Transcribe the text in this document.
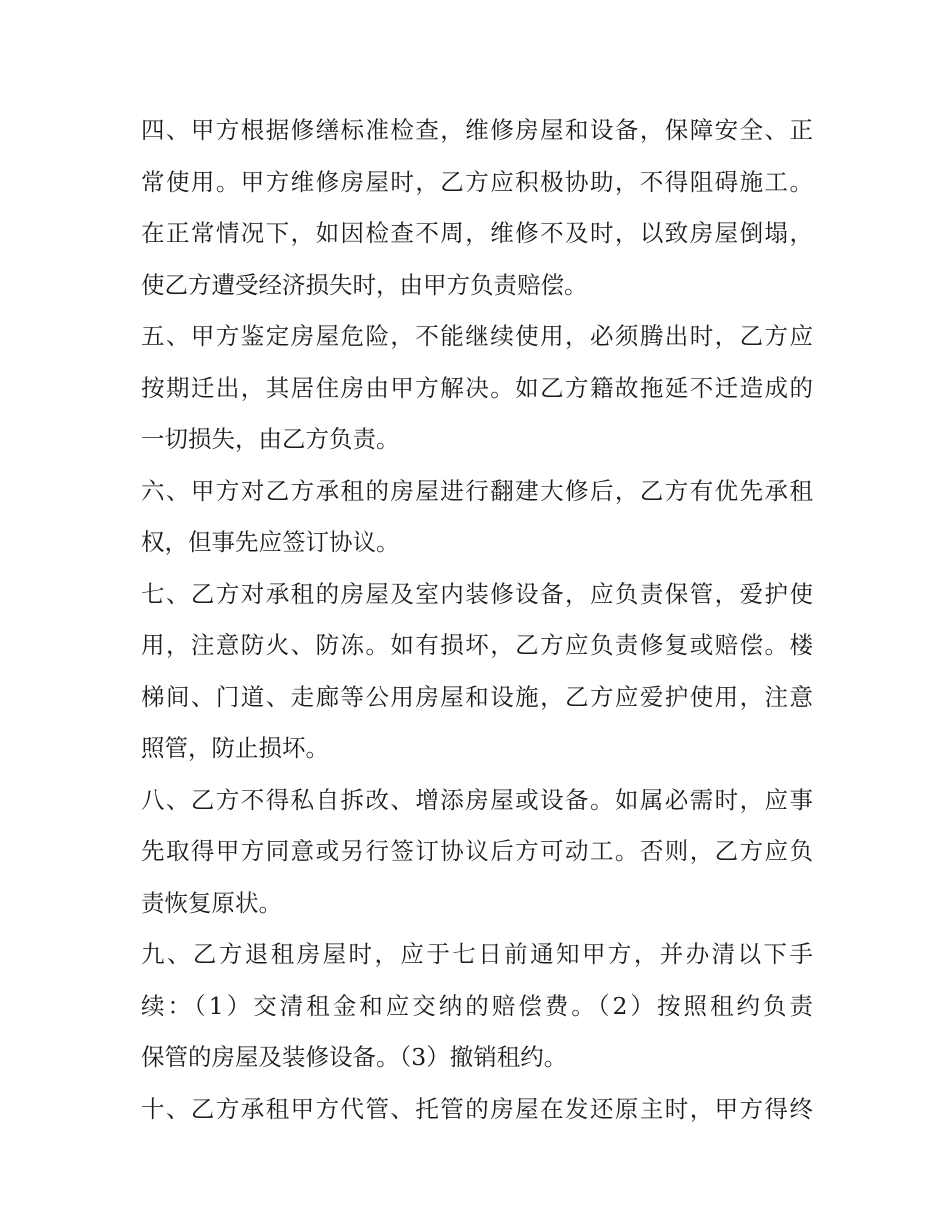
四、甲方根据修缮标准检查，维修房屋和设备，保障安全、正
常使用。甲方维修房屋时，乙方应积极协助，不得阻碍施工。
在正常情况下，如因检查不周，维修不及时，以致房屋倒塌，
使乙方遭受经济损失时，由甲方负责赔偿。
五、甲方鉴定房屋危险，不能继续使用，必须腾出时，乙方应
按期迁出，其居住房由甲方解决。如乙方籍故拖延不迁造成的
一切损失，由乙方负责。
六、甲方对乙方承租的房屋进行翻建大修后，乙方有优先承租
权，但事先应签订协议。
七、乙方对承租的房屋及室内装修设备，应负责保管，爱护使
用，注意防火、防冻。如有损坏，乙方应负责修复或赔偿。楼
梯间、门道、走廊等公用房屋和设施，乙方应爱护使用，注意
照管，防止损坏。
八、乙方不得私自拆改、增添房屋或设备。如属必需时，应事
先取得甲方同意或另行签订协议后方可动工。否则，乙方应负
责恢复原状。
九、乙方退租房屋时，应于七日前通知甲方，并办清以下手
续：（1）交清租金和应交纳的赔偿费。（2）按照租约负责
保管的房屋及装修设备。（3）撤销租约。
十、乙方承租甲方代管、托管的房屋在发还原主时，甲方得终
